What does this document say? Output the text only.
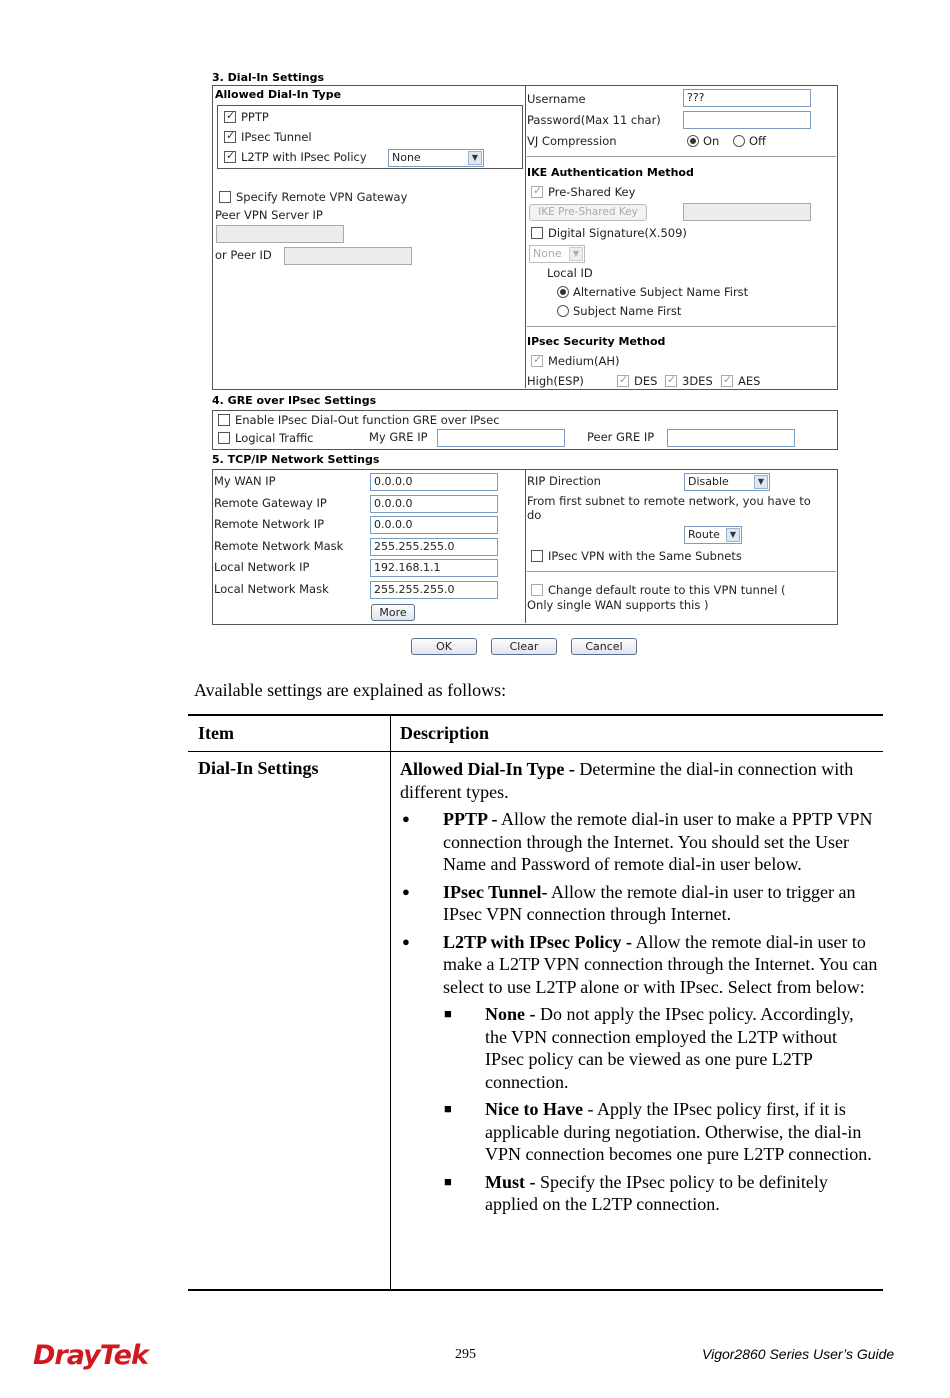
3. Dial-In Settings
Allowed Dial-In Type
✓PPTP
✓IPsec Tunnel
✓L2TP with IPsec Policy	None	▼
Specify Remote VPN Gateway
Peer VPN Server IP
or Peer ID
Username	???
Password(Max 11 char)
VJ Compression	On	Off
IKE Authentication Method
✓Pre-Shared Key
IKE Pre-Shared Key
Digital Signature(X.509)
None	▼
Local ID
Alternative Subject Name First
Subject Name First
IPsec Security Method
✓Medium(AH)
High(ESP) ✓	DES ✓	3DES ✓	AES
4. GRE over IPsec Settings
Enable IPsec Dial-Out function GRE over IPsec
Logical Traffic	My GRE IP	Peer GRE IP
5. TCP/IP Network Settings
My WAN IP	0.0.0.0
Remote Gateway IP	0.0.0.0
Remote Network IP	0.0.0.0
Remote Network Mask	255.255.255.0
Local Network IP	192.168.1.1
Local Network Mask	255.255.255.0
More
RIP Direction	Disable	▼
From first subnet to remote network, you have to do
Route	▼
IPsec VPN with the Same Subnets
Change default route to this VPN tunnel (
Only single WAN supports this )
OK	Clear	Cancel
Available settings are explained as follows:
Item	Description
Dial-In Settings	Allowed Dial-In Type - Determine the dial-in connection with different types.
● PPTP - Allow the remote dial-in user to make a PPTP VPN connection through the Internet. You should set the User Name and Password of remote dial-in user below.
● IPsec Tunnel- Allow the remote dial-in user to trigger an IPsec VPN connection through Internet.
● L2TP with IPsec Policy - Allow the remote dial-in user to make a L2TP VPN connection through the Internet. You can select to use L2TP alone or with IPsec. Select from below:
■ None - Do not apply the IPsec policy. Accordingly, the VPN connection employed the L2TP without IPsec policy can be viewed as one pure L2TP connection.
■ Nice to Have - Apply the IPsec policy first, if it is applicable during negotiation. Otherwise, the dial-in VPN connection becomes one pure L2TP connection.
■ Must - Specify the IPsec policy to be definitely applied on the L2TP connection.
DrayTek	295	Vigor2860 Series User’s Guide
